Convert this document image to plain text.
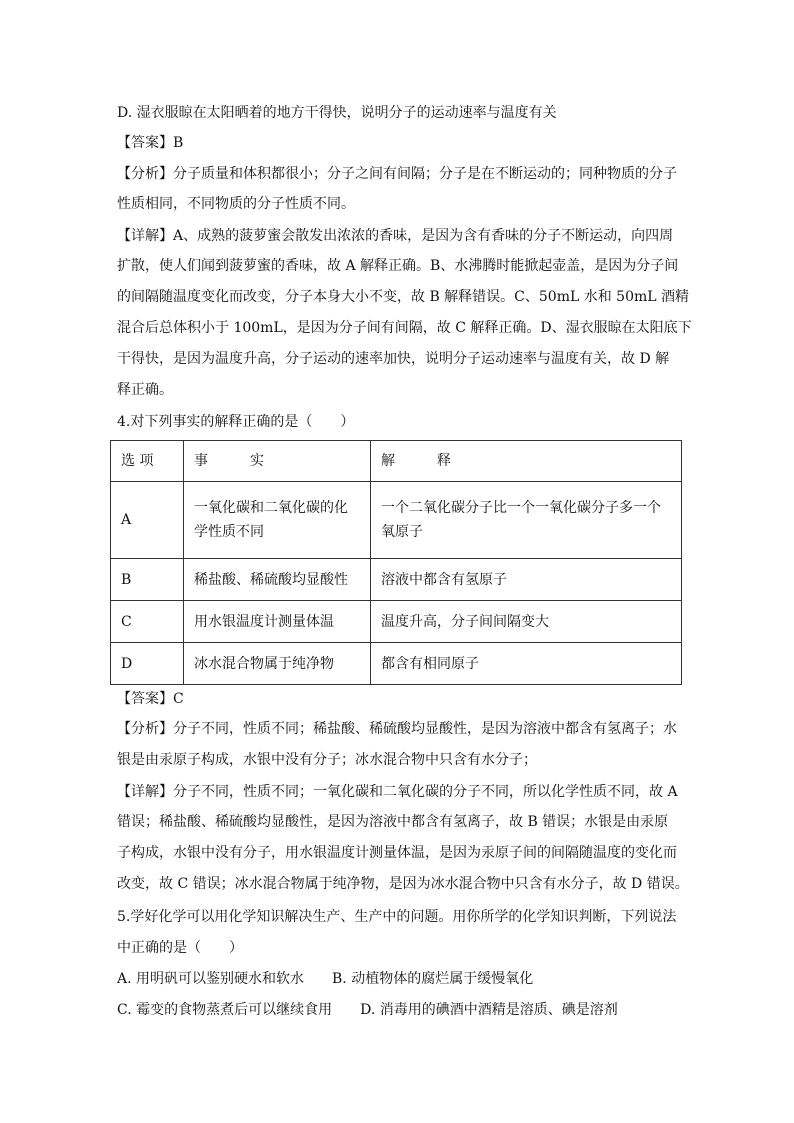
D. 湿衣服晾在太阳晒着的地方干得快，说明分子的运动速率与温度有关
【答案】B
【分析】分子质量和体积都很小；分子之间有间隔；分子是在不断运动的；同种物质的分子
性质相同，不同物质的分子性质不同。
【详解】A、成熟的菠萝蜜会散发出浓浓的香味，是因为含有香味的分子不断运动，向四周
扩散，使人们闻到菠萝蜜的香味，故 A 解释正确。B、水沸腾时能掀起壶盖，是因为分子间
的间隔随温度变化而改变，分子本身大小不变，故 B 解释错误。C、50mL 水和 50mL 酒精
混合后总体积小于 100mL，是因为分子间有间隔，故 C 解释正确。D、湿衣服晾在太阳底下
干得快，是因为温度升高，分子运动的速率加快，说明分子运动速率与温度有关，故 D 解
释正确。
4.对下列事实的解释正确的是（　　）
选 项	事　　　实	解　　　释
A	一氧化碳和二氧化碳的化学性质不同	一个二氧化碳分子比一个一氧化碳分子多一个氧原子
B	稀盐酸、稀硫酸均显酸性	溶液中都含有氢原子
C	用水银温度计测量体温	温度升高，分子间间隔变大
D	冰水混合物属于纯净物	都含有相同原子
【答案】C
【分析】分子不同，性质不同；稀盐酸、稀硫酸均显酸性，是因为溶液中都含有氢离子；水
银是由汞原子构成，水银中没有分子；冰水混合物中只含有水分子；
【详解】分子不同，性质不同；一氧化碳和二氧化碳的分子不同，所以化学性质不同，故 A
错误；稀盐酸、稀硫酸均显酸性，是因为溶液中都含有氢离子，故 B 错误；水银是由汞原
子构成，水银中没有分子，用水银温度计测量体温，是因为汞原子间的间隔随温度的变化而
改变，故 C 错误；冰水混合物属于纯净物，是因为冰水混合物中只含有水分子，故 D 错误。
5.学好化学可以用化学知识解决生产、生产中的问题。用你所学的化学知识判断，下列说法
中正确的是（　　）
A. 用明矾可以鉴别硬水和软水　　B. 动植物体的腐烂属于缓慢氧化
C. 霉变的食物蒸煮后可以继续食用　　D. 消毒用的碘酒中酒精是溶质、碘是溶剂
